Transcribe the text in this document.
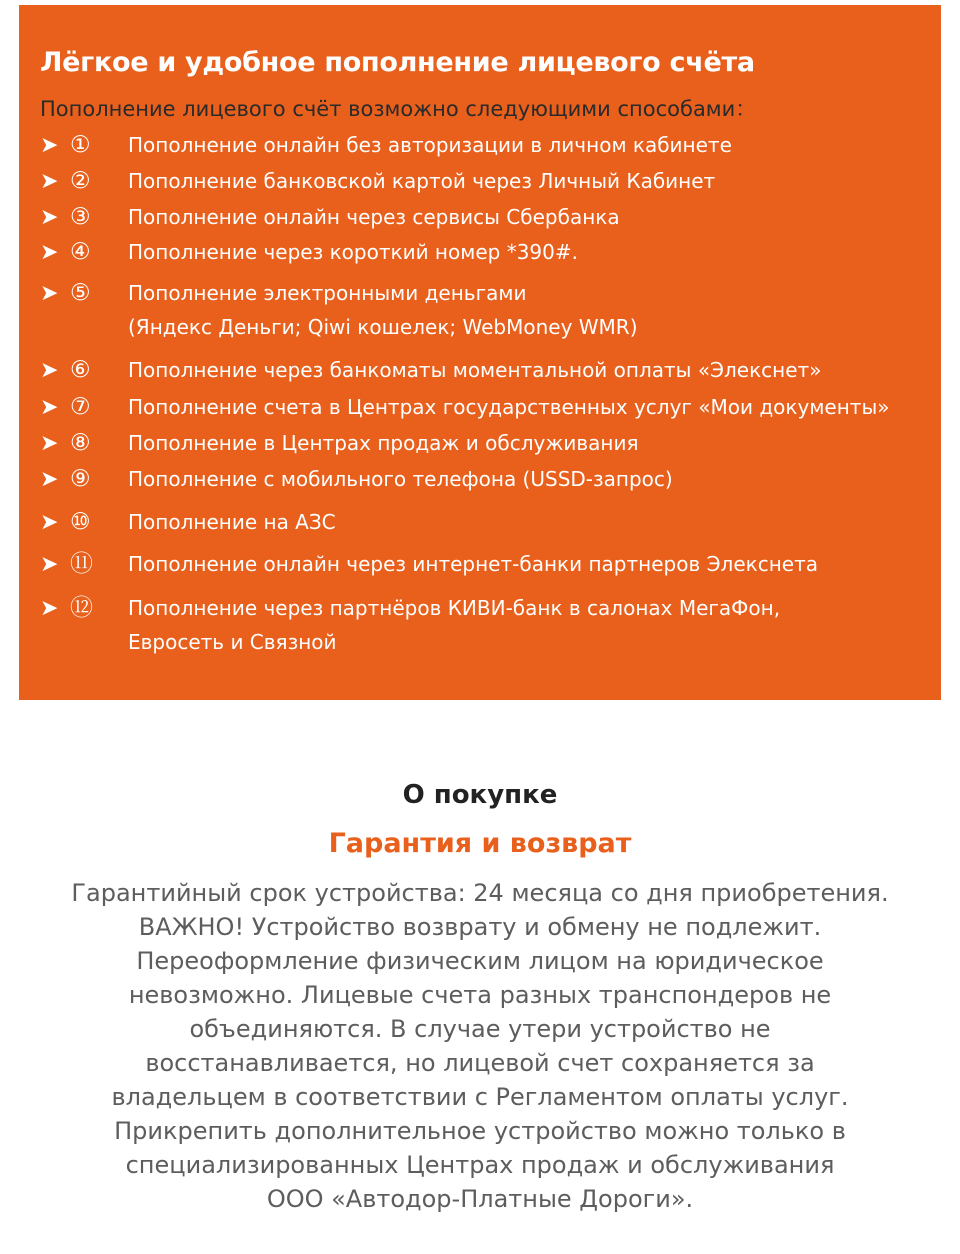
Лёгкое и удобное пополнение лицевого счёта
Пополнение лицевого счёт возможно следующими способами：
➤ ①	Пополнение онлайн без авторизации в личном кабинете
➤ ②	Пополнение банковской картой через Личный Кабинет
➤ ③	Пополнение онлайн через сервисы Сбербанка
➤ ④	Пополнение через короткий номер *390#.
➤ ⑤	Пополнение электронными деньгами
(Яндекс Деньги; Qiwi кошелек; WebMoney WMR)
➤ ⑥	Пополнение через банкоматы моментальной оплаты «Элекснет»
➤ ⑦	Пополнение счета в Центрах государственных услуг «Мои документы»
➤ ⑧	Пополнение в Центрах продаж и обслуживания
➤ ⑨	Пополнение с мобильного телефона (USSD-запрос)
➤ ⑩	Пополнение на АЗС
➤ ⑪	Пополнение онлайн через интернет-банки партнеров Элекснета
➤ ⑫	Пополнение через партнёров КИВИ-банк в салонах МегаФон,
Евросеть и Связной
О покупке
Гарантия и возврат
Гарантийный срок устройства: 24 месяца со дня приобретения.
ВАЖНО! Устройство возврату и обмену не подлежит.
Переоформление физическим лицом на юридическое
невозможно. Лицевые счета разных транспондеров не
объединяются. В случае утери устройство не
восстанавливается, но лицевой счет сохраняется за
владельцем в соответствии с Регламентом оплаты услуг.
Прикрепить дополнительное устройство можно только в
специализированных Центрах продаж и обслуживания
ООО «Автодор-Платные Дороги».
